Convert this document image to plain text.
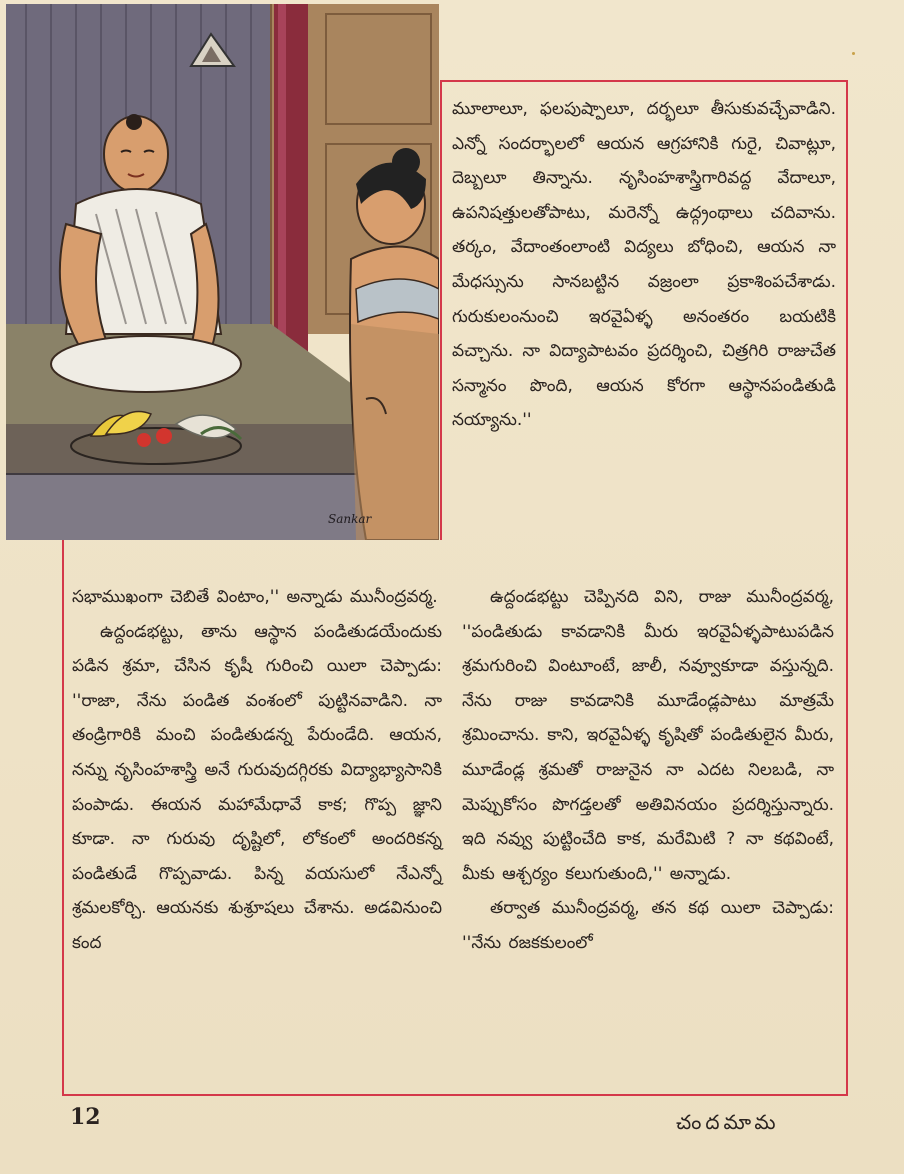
Sankar

మూలాలూ, ఫలపుష్పాలూ, దర్భలూ తీసుకువచ్చేవాడిని. ఎన్నో సందర్భాలలో ఆయన ఆగ్రహానికి గురై, చివాట్లూ, దెబ్బలూ తిన్నాను. నృసింహశాస్త్రిగారివద్ద వేదాలూ, ఉపనిషత్తులతోపాటు, మరెన్నో ఉద్గ్రంథాలు చదివాను. తర్కం, వేదాంతంలాంటి విద్యలు బోధించి, ఆయన నా మేధస్సును సానబట్టిన వజ్రంలా ప్రకాశింపచేశాడు. గురుకులంనుంచి ఇరవైఏళ్ళ అనంతరం బయటికి వచ్చాను. నా విద్యాపాటవం ప్రదర్శించి, చిత్రగిరి రాజుచేత సన్మానం పొంది, ఆయన కోరగా ఆస్థానపండితుడి నయ్యాను.''

సభాముఖంగా చెబితే వింటాం,'' అన్నాడు మునీంద్రవర్మ.

ఉద్దండభట్టు, తాను ఆస్థాన పండితుడయేందుకు పడిన శ్రమా, చేసిన కృషీ గురించి యిలా చెప్పాడు: ''రాజా, నేను పండిత వంశంలో పుట్టినవాడిని. నా తండ్రిగారికి మంచి పండితుడన్న పేరుండేది. ఆయన, నన్ను నృసింహశాస్త్రి అనే గురువుదగ్గిరకు విద్యాభ్యాసానికి పంపాడు. ఈయన మహామేధావే కాక; గొప్ప జ్ఞాని కూడా. నా గురువు దృష్టిలో, లోకంలో అందరికన్న పండితుడే గొప్పవాడు. పిన్న వయసులో నేఎన్నో శ్రమలకోర్చి. ఆయనకు శుశ్రూషలు చేశాను. అడవినుంచి కంద

ఉద్దండభట్టు చెప్పినది విని, రాజు మునీంద్రవర్మ, ''పండితుడు కావడానికి మీరు ఇరవైఏళ్ళపాటుపడిన శ్రమగురించి వింటూంటే, జాలీ, నవ్వూకూడా వస్తున్నది. నేను రాజు కావడానికి మూడేండ్లపాటు మాత్రమే శ్రమించాను. కాని, ఇరవైఏళ్ళ కృషితో పండితులైన మీరు, మూడేండ్ల శ్రమతో రాజునైన నా ఎదట నిలబడి, నా మెప్పుకోసం పొగడ్తలతో అతివినయం ప్రదర్శిస్తున్నారు. ఇది నవ్వు పుట్టించేది కాక, మరేమిటి ? నా కథవింటే, మీకు ఆశ్చర్యం కలుగుతుంది,'' అన్నాడు.

తర్వాత మునీంద్రవర్మ, తన కథ యిలా చెప్పాడు: ''నేను రజకకులంలో

12	చందమామ
